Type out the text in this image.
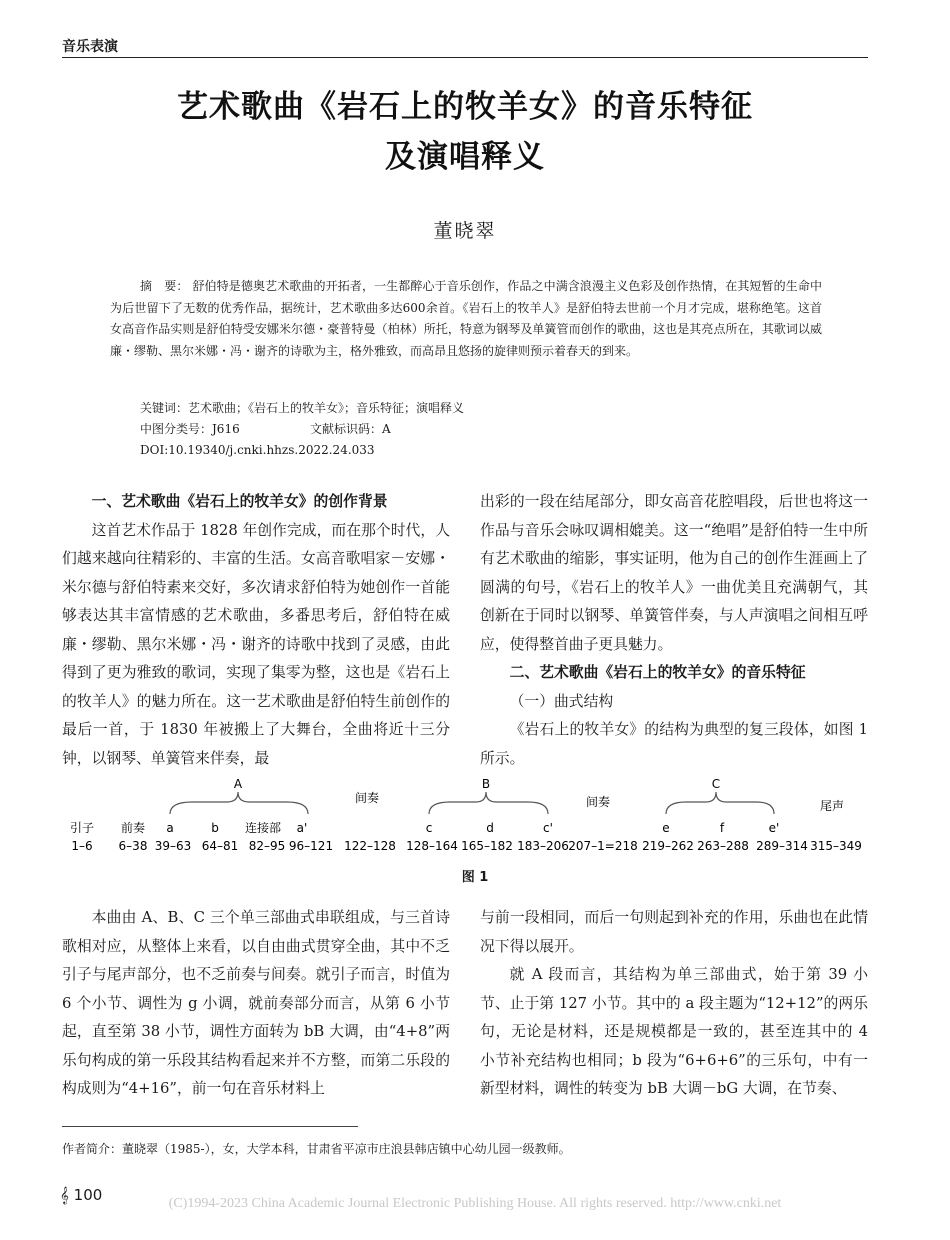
音乐表演
艺术歌曲《岩石上的牧羊女》的音乐特征
及演唱释义
董晓翠
摘　要： 舒伯特是德奥艺术歌曲的开拓者，一生都醉心于音乐创作，作品之中满含浪漫主义色彩及创作热情，在其短暂的生命中为后世留下了无数的优秀作品，据统计，艺术歌曲多达600余首。《岩石上的牧羊人》是舒伯特去世前一个月才完成，堪称绝笔。这首女高音作品实则是舒伯特受安娜米尔德・豪普特曼（柏林）所托，特意为钢琴及单簧管而创作的歌曲，这也是其亮点所在，其歌词以威廉・缪勒、黑尔米娜・冯・谢齐的诗歌为主，格外雅致，而高昂且悠扬的旋律则预示着春天的到来。
关键词：艺术歌曲；《岩石上的牧羊女》；音乐特征；演唱释义
中图分类号：J616	文献标识码：A
DOI:10.19340/j.cnki.hhzs.2022.24.033
一、艺术歌曲《岩石上的牧羊女》的创作背景

这首艺术作品于 1828 年创作完成，而在那个时代，人们越来越向往精彩的、丰富的生活。女高音歌唱家－安娜・米尔德与舒伯特素来交好，多次请求舒伯特为她创作一首能够表达其丰富情感的艺术歌曲，多番思考后，舒伯特在威廉・缪勒、黑尔米娜・冯・谢齐的诗歌中找到了灵感，由此得到了更为雅致的歌词，实现了集零为整，这也是《岩石上的牧羊人》的魅力所在。这一艺术歌曲是舒伯特生前创作的最后一首，于 1830 年被搬上了大舞台，全曲将近十三分钟，以钢琴、单簧管来伴奏，最

出彩的一段在结尾部分，即女高音花腔唱段，后世也将这一作品与音乐会咏叹调相媲美。这一“绝唱”是舒伯特一生中所有艺术歌曲的缩影，事实证明，他为自己的创作生涯画上了圆满的句号，《岩石上的牧羊人》一曲优美且充满朝气，其创新在于同时以钢琴、单簧管伴奏，与人声演唱之间相互呼应，使得整首曲子更具魅力。

二、艺术歌曲《岩石上的牧羊女》的音乐特征

（一）曲式结构

《岩石上的牧羊女》的结构为典型的复三段体，如图 1 所示。

A	B	C
间奏	间奏	尾声
引子 前奏 a	b 连接部 a'	c	d	c'	e	f	e'
1–6 6–38 39–63 64–81 82–95 96–121 122–128 128–164 165–182 183–206 207–1=218 219–262 263–288 289–314 315–349
图 1

本曲由 A、B、C 三个单三部曲式串联组成，与三首诗歌相对应，从整体上来看，以自由曲式贯穿全曲，其中不乏引子与尾声部分，也不乏前奏与间奏。就引子而言，时值为 6 个小节、调性为 g 小调，就前奏部分而言，从第 6 小节起，直至第 38 小节，调性方面转为 bB 大调，由“4+8”两乐句构成的第一乐段其结构看起来并不方整，而第二乐段的构成则为“4+16”，前一句在音乐材料上

与前一段相同，而后一句则起到补充的作用，乐曲也在此情况下得以展开。

就 A 段而言，其结构为单三部曲式，始于第 39 小节、止于第 127 小节。其中的 a 段主题为“12+12”的两乐句，无论是材料，还是规模都是一致的，甚至连其中的 4 小节补充结构也相同；b 段为“6+6+6”的三乐句，中有一新型材料，调性的转变为 bB 大调－bG 大调，在节奏、

作者简介：董晓翠（1985-），女，大学本科，甘肃省平凉市庄浪县韩店镇中心幼儿园一级教师。
𝄞 100	(C)1994-2023 China Academic Journal Electronic Publishing House. All rights reserved. http://www.cnki.net
